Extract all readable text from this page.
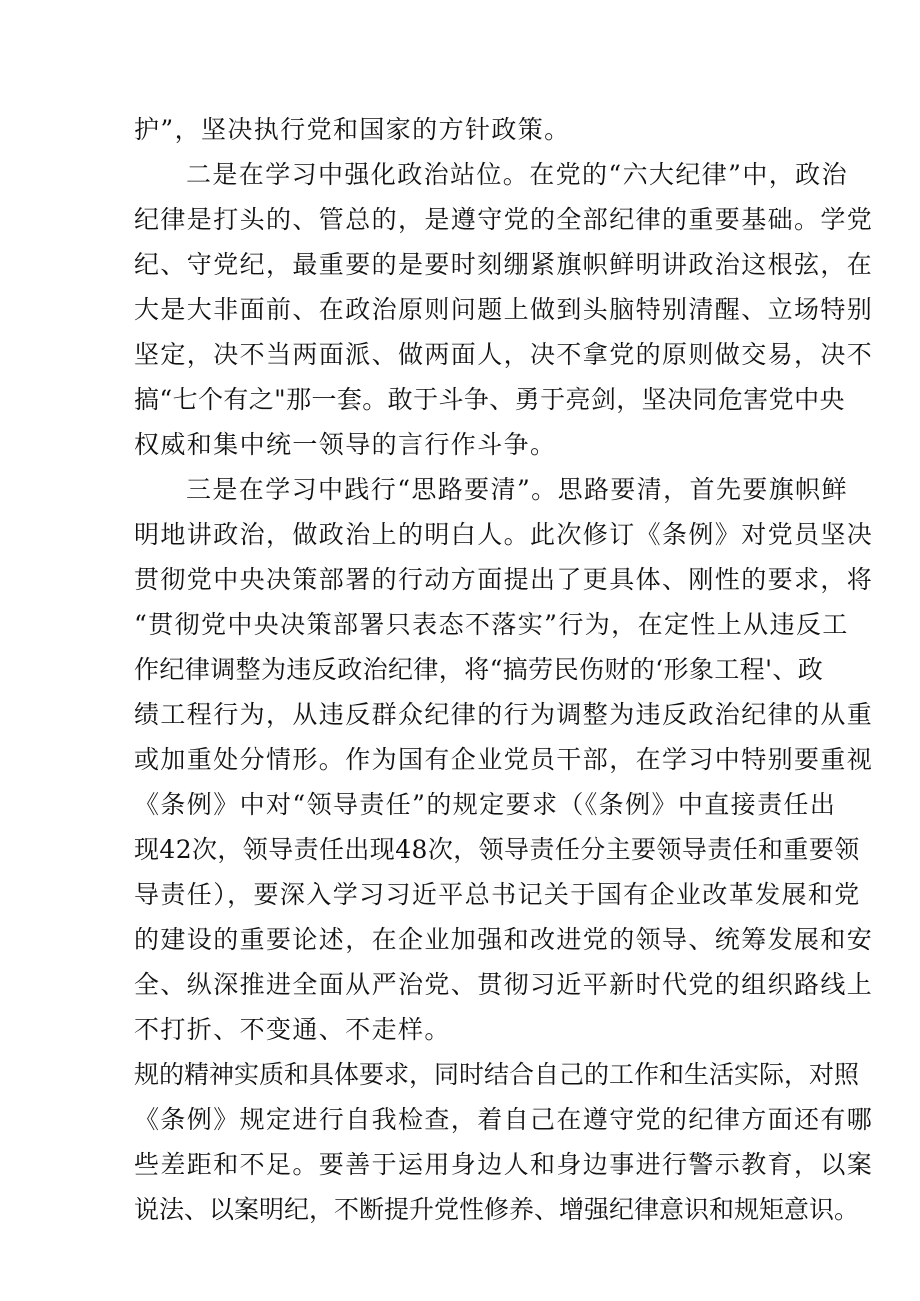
护”，坚决执行党和国家的方针政策。
二是在学习中强化政治站位。在党的“六大纪律”中，政治
纪律是打头的、管总的，是遵守党的全部纪律的重要基础。学党
纪、守党纪，最重要的是要时刻绷紧旗帜鲜明讲政治这根弦，在
大是大非面前、在政治原则问题上做到头脑特别清醒、立场特别
坚定，决不当两面派、做两面人，决不拿党的原则做交易，决不
搞“七个有之"那一套。敢于斗争、勇于亮剑，坚决同危害党中央
权威和集中统一领导的言行作斗争。
三是在学习中践行“思路要清”。思路要清，首先要旗帜鲜
明地讲政治，做政治上的明白人。此次修订《条例》对党员坚决
贯彻党中央决策部署的行动方面提出了更具体、刚性的要求，将
“贯彻党中央决策部署只表态不落实”行为，在定性上从违反工
作纪律调整为违反政治纪律，将“搞劳民伤财的‘形象工程'、政
绩工程行为，从违反群众纪律的行为调整为违反政治纪律的从重
或加重处分情形。作为国有企业党员干部，在学习中特别要重视
《条例》中对“领导责任”的规定要求（《条例》中直接责任出
现42次，领导责任出现48次，领导责任分主要领导责任和重要领
导责任），要深入学习习近平总书记关于国有企业改革发展和党
的建设的重要论述，在企业加强和改进党的领导、统筹发展和安
全、纵深推进全面从严治党、贯彻习近平新时代党的组织路线上
不打折、不变通、不走样。
规的精神实质和具体要求，同时结合自己的工作和生活实际，对照
《条例》规定进行自我检查，着自己在遵守党的纪律方面还有哪
些差距和不足。要善于运用身边人和身边事进行警示教育，以案
说法、以案明纪，不断提升党性修养、增强纪律意识和规矩意识。
